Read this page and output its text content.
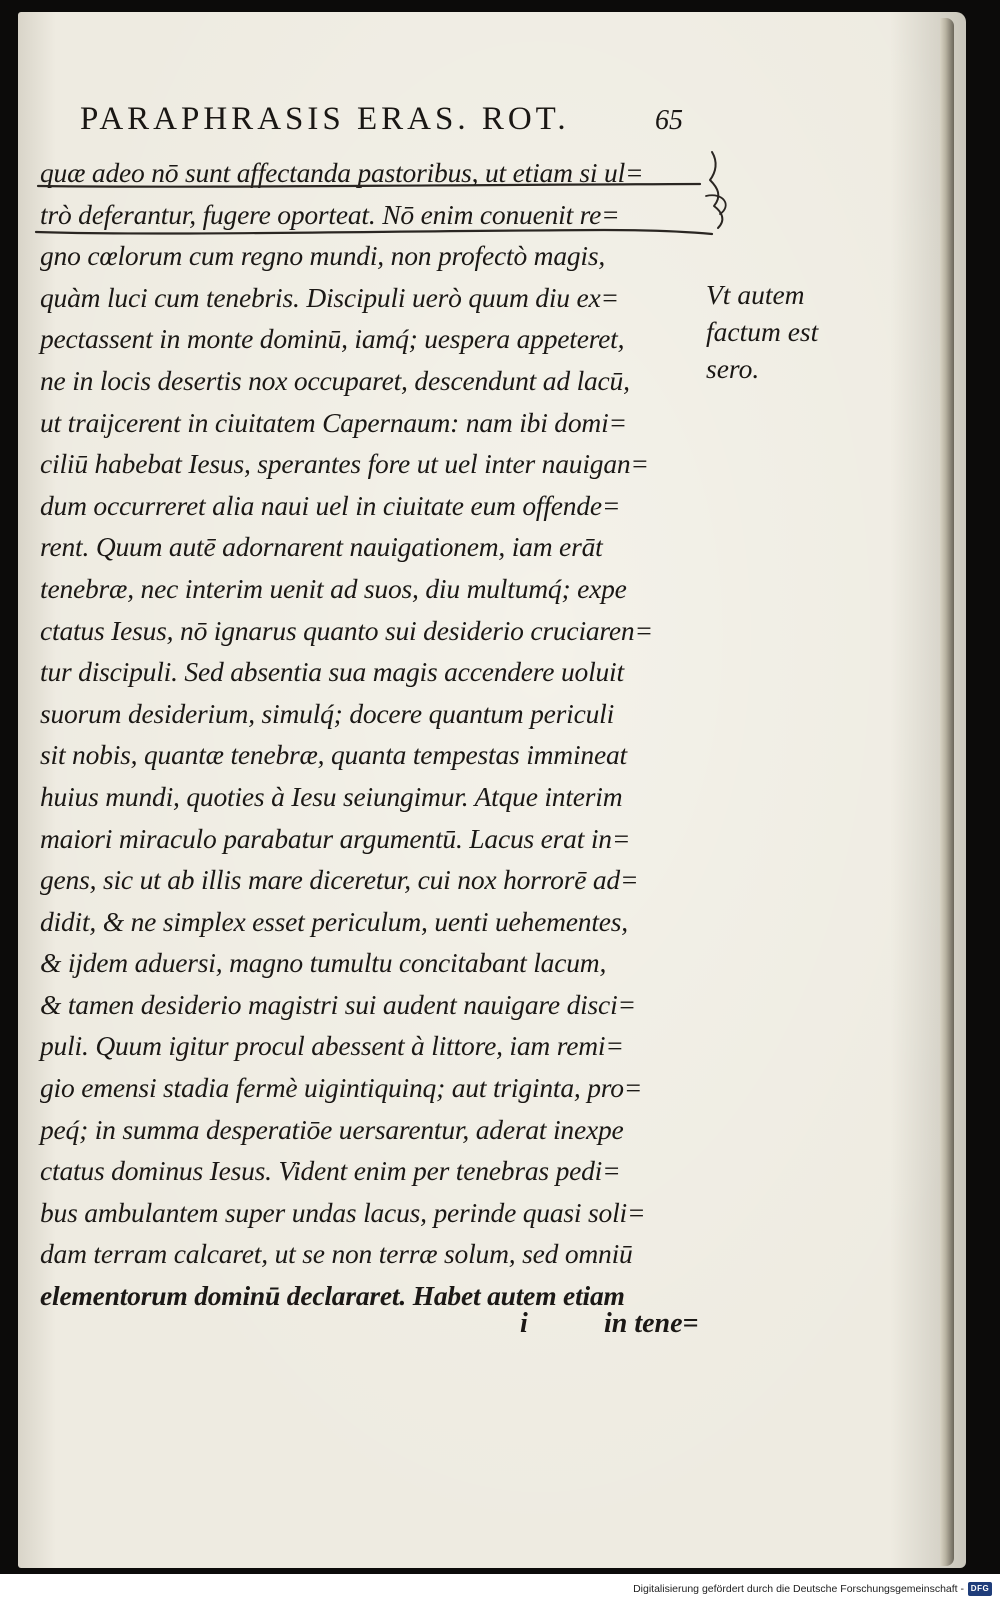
PARAPHRASIS ERAS. ROT.	65
quæ adeo nō sunt affectanda pastoribus, ut etiam si ul=
trò deferantur, fugere oporteat. Nō enim conuenit re=
gno cœlorum cum regno mundi, non profectò magis,
quàm luci cum tenebris. Discipuli uerò quum diu ex=
pectassent in monte dominū, iamq́; uespera appeteret,
ne in locis desertis nox occuparet, descendunt ad lacū,
ut traijcerent in ciuitatem Capernaum: nam ibi domi=
ciliū habebat Iesus, sperantes fore ut uel inter nauigan=
dum occurreret alia naui uel in ciuitate eum offende=
rent. Quum autē adornarent nauigationem, iam erāt
tenebræ, nec interim uenit ad suos, diu multumq́; expe
ctatus Iesus, nō ignarus quanto sui desiderio cruciaren=
tur discipuli. Sed absentia sua magis accendere uoluit
suorum desiderium, simulq́; docere quantum periculi
sit nobis, quantæ tenebræ, quanta tempestas immineat
huius mundi, quoties à Iesu seiungimur. Atque interim
maiori miraculo parabatur argumentū. Lacus erat in=
gens, sic ut ab illis mare diceretur, cui nox horrorē ad=
didit, & ne simplex esset periculum, uenti uehementes,
& ijdem aduersi, magno tumultu concitabant lacum,
& tamen desiderio magistri sui audent nauigare disci=
puli. Quum igitur procul abessent à littore, iam remi=
gio emensi stadia fermè uigintiquinq; aut triginta, pro=
peq́; in summa desperatiōe uersarentur, aderat inexpe
ctatus dominus Iesus. Vident enim per tenebras pedi=
bus ambulantem super undas lacus, perinde quasi soli=
dam terram calcaret, ut se non terræ solum, sed omniū
elementorum dominū declararet. Habet autem etiam
Vt autem
factum est
sero.
i	in tene=
Digitalisierung gefördert durch die Deutsche Forschungsgemeinschaft - DFG
